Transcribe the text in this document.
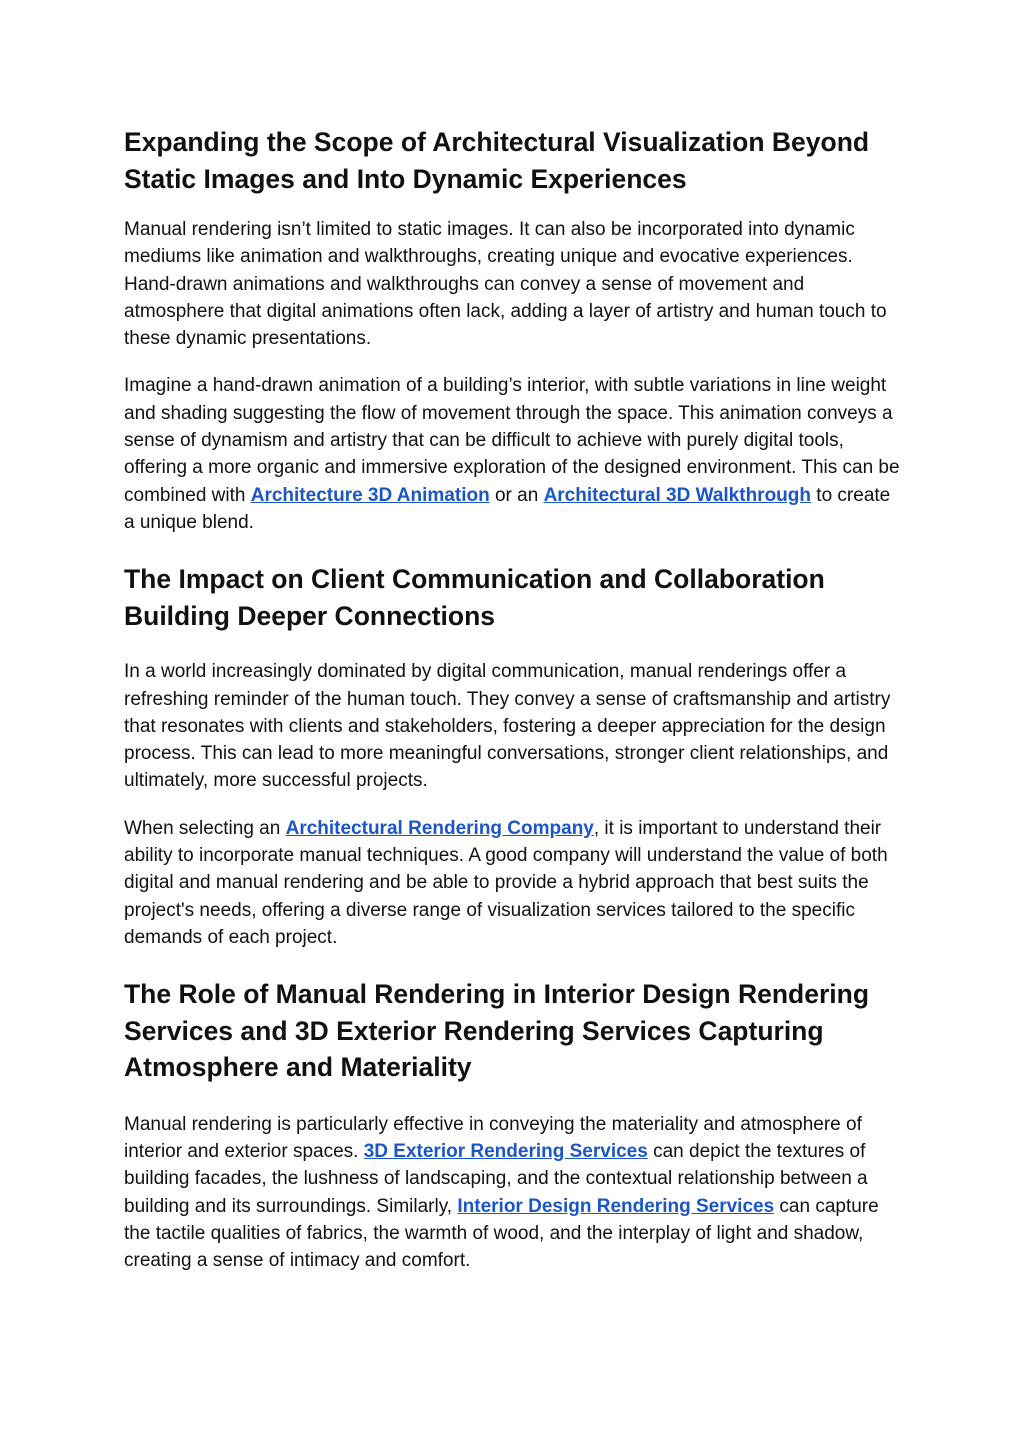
Expanding the Scope of Architectural Visualization Beyond Static Images and Into Dynamic Experiences

Manual rendering isn’t limited to static images. It can also be incorporated into dynamic mediums like animation and walkthroughs, creating unique and evocative experiences. Hand-drawn animations and walkthroughs can convey a sense of movement and atmosphere that digital animations often lack, adding a layer of artistry and human touch to these dynamic presentations.

Imagine a hand-drawn animation of a building’s interior, with subtle variations in line weight and shading suggesting the flow of movement through the space. This animation conveys a sense of dynamism and artistry that can be difficult to achieve with purely digital tools, offering a more organic and immersive exploration of the designed environment. This can be combined with Architecture 3D Animation or an Architectural 3D Walkthrough to create a unique blend.

The Impact on Client Communication and Collaboration Building Deeper Connections

In a world increasingly dominated by digital communication, manual renderings offer a refreshing reminder of the human touch. They convey a sense of craftsmanship and artistry that resonates with clients and stakeholders, fostering a deeper appreciation for the design process. This can lead to more meaningful conversations, stronger client relationships, and ultimately, more successful projects.

When selecting an Architectural Rendering Company, it is important to understand their ability to incorporate manual techniques. A good company will understand the value of both digital and manual rendering and be able to provide a hybrid approach that best suits the project's needs, offering a diverse range of visualization services tailored to the specific demands of each project.

The Role of Manual Rendering in Interior Design Rendering Services and 3D Exterior Rendering Services Capturing Atmosphere and Materiality

Manual rendering is particularly effective in conveying the materiality and atmosphere of interior and exterior spaces. 3D Exterior Rendering Services can depict the textures of building facades, the lushness of landscaping, and the contextual relationship between a building and its surroundings. Similarly, Interior Design Rendering Services can capture the tactile qualities of fabrics, the warmth of wood, and the interplay of light and shadow, creating a sense of intimacy and comfort.
